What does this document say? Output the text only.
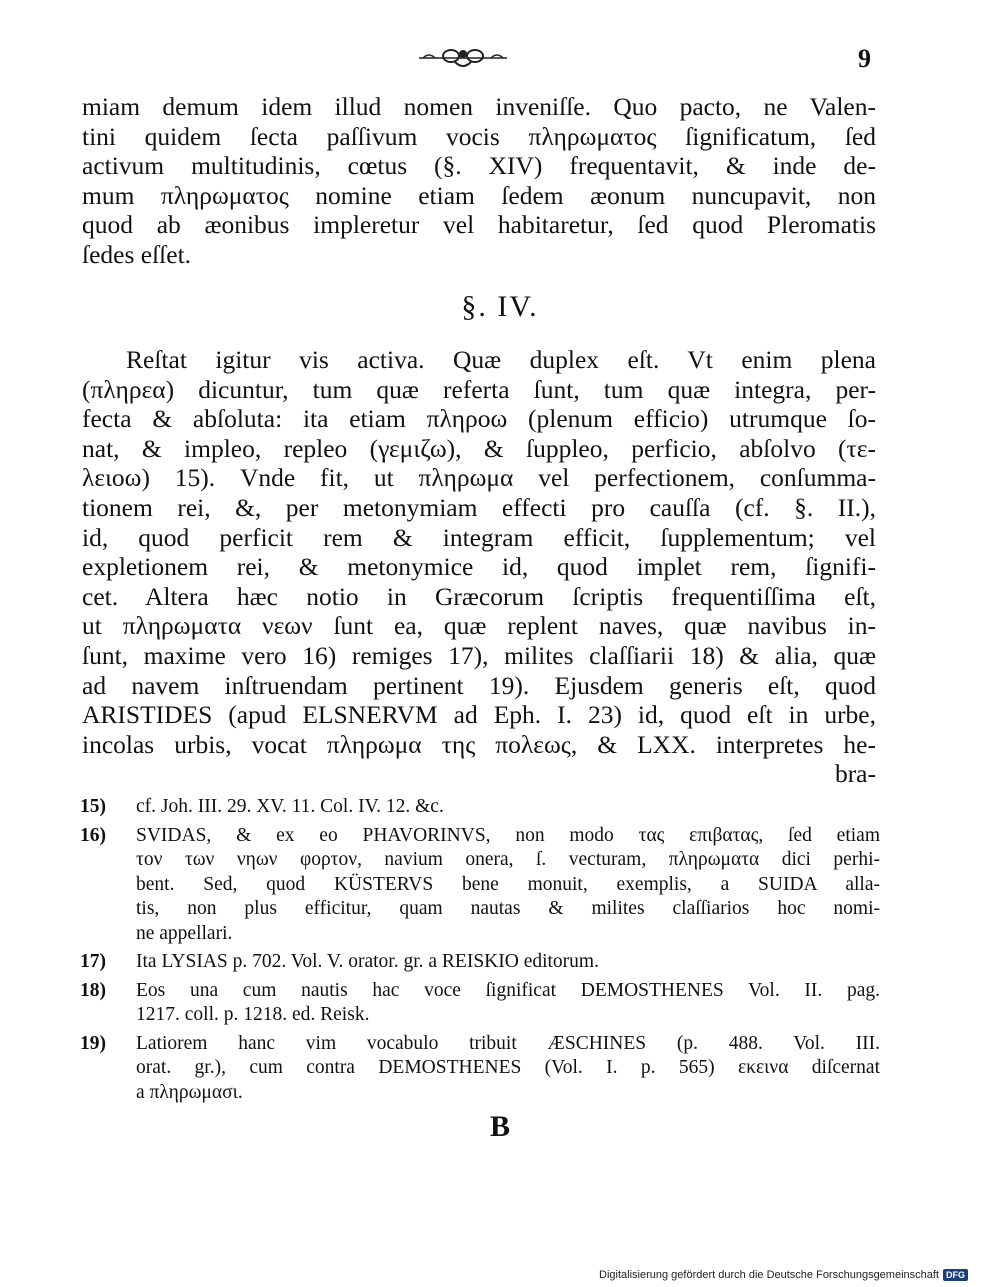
9
miam demum idem illud nomen inveniſſe. Quo pacto, ne Valen-
tini quidem ſecta paſſivum vocis πληρωματος ſignificatum, ſed
activum multitudinis, cœtus (§. XIV) frequentavit, & inde de-
mum πληρωματος nomine etiam ſedem æonum nuncupavit, non
quod ab æonibus impleretur vel habitaretur, ſed quod Pleromatis
ſedes eſſet.
§. IV.
Reſtat igitur vis activa. Quæ duplex eſt. Vt enim plena
(πληρεα) dicuntur, tum quæ referta ſunt, tum quæ integra, per-
fecta & abſoluta: ita etiam πληροω (plenum efficio) utrumque ſo-
nat, & impleo, repleo (γεμιζω), & ſuppleo, perficio, abſolvo (τε-
λειοω) 15). Vnde fit, ut πληρωμα vel perfectionem, conſumma-
tionem rei, &, per metonymiam effecti pro cauſſa (cf. §. II.),
id, quod perficit rem & integram efficit, ſupplementum; vel
expletionem rei, & metonymice id, quod implet rem, ſignifi-
cet. Altera hæc notio in Græcorum ſcriptis frequentiſſima eſt,
ut πληρωματα νεων ſunt ea, quæ replent naves, quæ navibus in-
ſunt, maxime vero 16) remiges 17), milites claſſiarii 18) & alia, quæ
ad navem inſtruendam pertinent 19). Ejusdem generis eſt, quod
ARISTIDES (apud ELSNERVM ad Eph. I. 23) id, quod eſt in urbe,
incolas urbis, vocat πληρωμα της πολεως, & LXX. interpretes he-
bra-
15) cf. Joh. III. 29. XV. 11. Col. IV. 12. &c.
16) SVIDAS, & ex eo PHAVORINVS, non modo τας επιβατας, ſed etiam
τον των νηων φορτον, navium onera, ſ. vecturam, πληρωματα dici perhi-
bent. Sed, quod KÜSTERVS bene monuit, exemplis, a SUIDA alla-
tis, non plus efficitur, quam nautas & milites claſſiarios hoc nomi-
ne appellari.
17) Ita LYSIAS p. 702. Vol. V. orator. gr. a REISKIO editorum.
18) Eos una cum nautis hac voce ſignificat DEMOSTHENES Vol. II. pag.
1217. coll. p. 1218. ed. Reisk.
19) Latiorem hanc vim vocabulo tribuit ÆSCHINES (p. 488. Vol. III.
orat. gr.), cum contra DEMOSTHENES (Vol. I. p. 565) εκεινα diſcernat
a πληρωμασι.
B
Digitalisierung gefördert durch die Deutsche Forschungsgemeinschaft DFG
